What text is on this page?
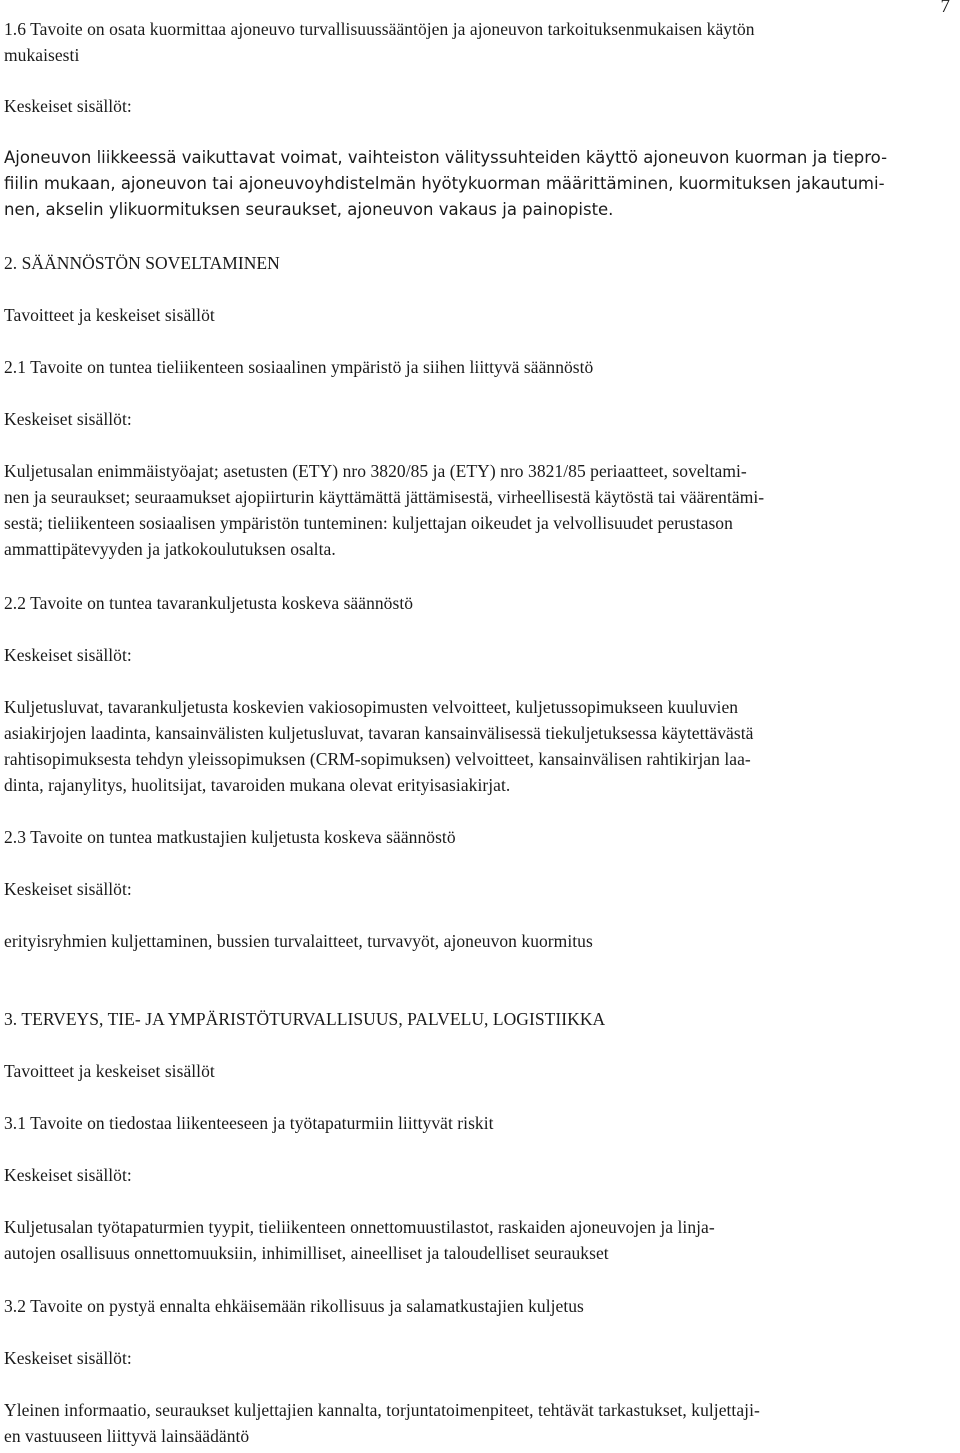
7
1.6 Tavoite on osata kuormittaa ajoneuvo turvallisuussääntöjen ja ajoneuvon tarkoituksenmukaisen käytön
mukaisesti
Keskeiset sisällöt:
Ajoneuvon liikkeessä vaikuttavat voimat, vaihteiston välityssuhteiden käyttö ajoneuvon kuorman ja tiepro-
fiilin mukaan, ajoneuvon tai ajoneuvoyhdistelmän hyötykuorman määrittäminen, kuormituksen jakautumi-
nen, akselin ylikuormituksen seuraukset, ajoneuvon vakaus ja painopiste.
2. SÄÄNNÖSTÖN SOVELTAMINEN
Tavoitteet ja keskeiset sisällöt
2.1 Tavoite on tuntea tieliikenteen sosiaalinen ympäristö ja siihen liittyvä säännöstö
Keskeiset sisällöt:
Kuljetusalan enimmäistyöajat; asetusten (ETY) nro 3820/85 ja (ETY) nro 3821/85 periaatteet, soveltami-
nen ja seuraukset; seuraamukset ajopiirturin käyttämättä jättämisestä, virheellisestä käytöstä tai väärentämi-
sestä; tieliikenteen sosiaalisen ympäristön tunteminen: kuljettajan oikeudet ja velvollisuudet perustason
ammattipätevyyden ja jatkokoulutuksen osalta.
2.2 Tavoite on tuntea tavarankuljetusta koskeva säännöstö
Keskeiset sisällöt:
Kuljetusluvat, tavarankuljetusta koskevien vakiosopimusten velvoitteet, kuljetussopimukseen kuuluvien
asiakirjojen laadinta, kansainvälisten kuljetusluvat, tavaran kansainvälisessä tiekuljetuksessa käytettävästä
rahtisopimuksesta tehdyn yleissopimuksen (CRM-sopimuksen) velvoitteet, kansainvälisen rahtikirjan laa-
dinta, rajanylitys, huolitsijat, tavaroiden mukana olevat erityisasiakirjat.
2.3 Tavoite on tuntea matkustajien kuljetusta koskeva säännöstö
Keskeiset sisällöt:
erityisryhmien kuljettaminen, bussien turvalaitteet, turvavyöt, ajoneuvon kuormitus
3. TERVEYS, TIE- JA YMPÄRISTÖTURVALLISUUS, PALVELU, LOGISTIIKKA
Tavoitteet ja keskeiset sisällöt
3.1 Tavoite on tiedostaa liikenteeseen ja työtapaturmiin liittyvät riskit
Keskeiset sisällöt:
Kuljetusalan työtapaturmien tyypit, tieliikenteen onnettomuustilastot, raskaiden ajoneuvojen ja linja-
autojen osallisuus onnettomuuksiin, inhimilliset, aineelliset ja taloudelliset seuraukset
3.2 Tavoite on pystyä ennalta ehkäisemään rikollisuus ja salamatkustajien kuljetus
Keskeiset sisällöt:
Yleinen informaatio, seuraukset kuljettajien kannalta, torjuntatoimenpiteet, tehtävät tarkastukset, kuljettaji-
en vastuuseen liittyvä lainsäädäntö
